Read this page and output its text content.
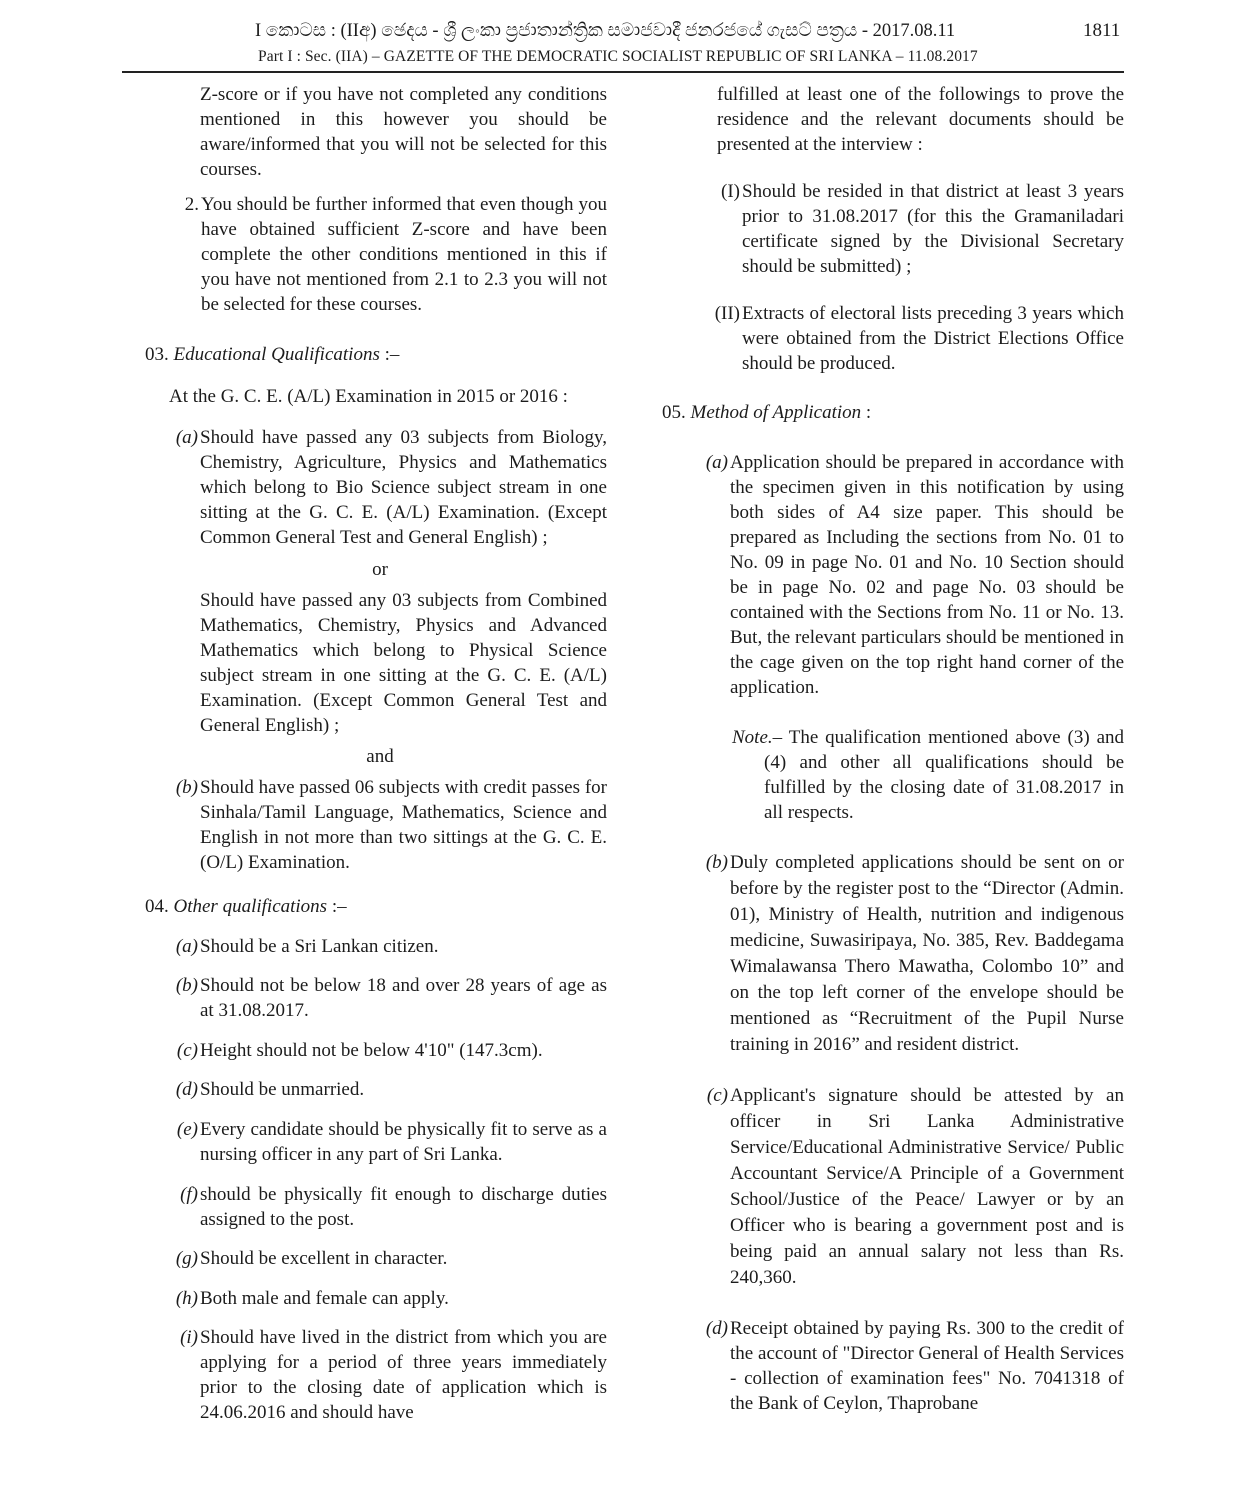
I කොටස : (IIඅ) ඡෙදය - ශ්‍රී ලංකා ප්‍රජාතාන්ත්‍රික සමාජවාදී ජනරජයේ ගැසට් පත්‍රය - 2017.08.11	1811
Part I : Sec. (IIA) – GAZETTE OF THE DEMOCRATIC SOCIALIST REPUBLIC OF SRI LANKA – 11.08.2017

Z-score or if you have not completed any conditions mentioned in this however you should be aware/informed that you will not be selected for this courses.

2. You should be further informed that even though you have obtained sufficient Z-score and have been complete the other conditions mentioned in this if you have not mentioned from 2.1 to 2.3 you will not be selected for these courses.

03. Educational Qualifications :–

At the G. C. E. (A/L) Examination in 2015 or 2016 :

(a) Should have passed any 03 subjects from Biology, Chemistry, Agriculture, Physics and Mathematics which belong to Bio Science subject stream in one sitting at the G. C. E. (A/L) Examination. (Except Common General Test and General English) ;
or

Should have passed any 03 subjects from Combined Mathematics, Chemistry, Physics and Advanced Mathematics which belong to Physical Science subject stream in one sitting at the G. C. E. (A/L) Examination. (Except Common General Test and General English) ;

and
(b) Should have passed 06 subjects with credit passes for Sinhala/Tamil Language, Mathematics, Science and English in not more than two sittings at the G. C. E. (O/L) Examination.

04. Other qualifications :–

(a) Should be a Sri Lankan citizen.
(b) Should not be below 18 and over 28 years of age as at 31.08.2017.
(c) Height should not be below 4'10" (147.3cm).
(d) Should be unmarried.
(e) Every candidate should be physically fit to serve as a nursing officer in any part of Sri Lanka.
(f) should be physically fit enough to discharge duties assigned to the post.
(g) Should be excellent in character.
(h) Both male and female can apply.
(i) Should have lived in the district from which you are applying for a period of three years immediately prior to the closing date of application which is 24.06.2016 and should have

fulfilled at least one of the followings to prove the residence and the relevant documents should be presented at the interview :

(I) Should be resided in that district at least 3 years prior to 31.08.2017 (for this the Gramaniladari certificate signed by the Divisional Secretary should be submitted) ;
(II) Extracts of electoral lists preceding 3 years which were obtained from the District Elections Office should be produced.

05. Method of Application :

(a) Application should be prepared in accordance with the specimen given in this notification by using both sides of A4 size paper. This should be prepared as Including the sections from No. 01 to No. 09 in page No. 01 and No. 10 Section should be in page No. 02 and page No. 03 should be contained with the Sections from No. 11 or No. 13. But, the relevant particulars should be mentioned in the cage given on the top right hand corner of the application.
Note.– The qualification mentioned above (3) and (4) and other all qualifications should be fulfilled by the closing date of 31.08.2017 in all respects.
(b) Duly completed applications should be sent on or before by the register post to the “Director (Admin. 01), Ministry of Health, nutrition and indigenous medicine, Suwasiripaya, No. 385, Rev. Baddegama Wimalawansa Thero Mawatha, Colombo 10” and on the top left corner of the envelope should be mentioned as “Recruitment of the Pupil Nurse training in 2016” and resident district.
(c) Applicant's signature should be attested by an officer in Sri Lanka Administrative Service/Educational Administrative Service/ Public Accountant Service/A Principle of a Government School/Justice of the Peace/ Lawyer or by an Officer who is bearing a government post and is being paid an annual salary not less than Rs. 240,360.
(d) Receipt obtained by paying Rs. 300 to the credit of the account of "Director General of Health Services - collection of examination fees" No. 7041318 of the Bank of Ceylon, Thaprobane
